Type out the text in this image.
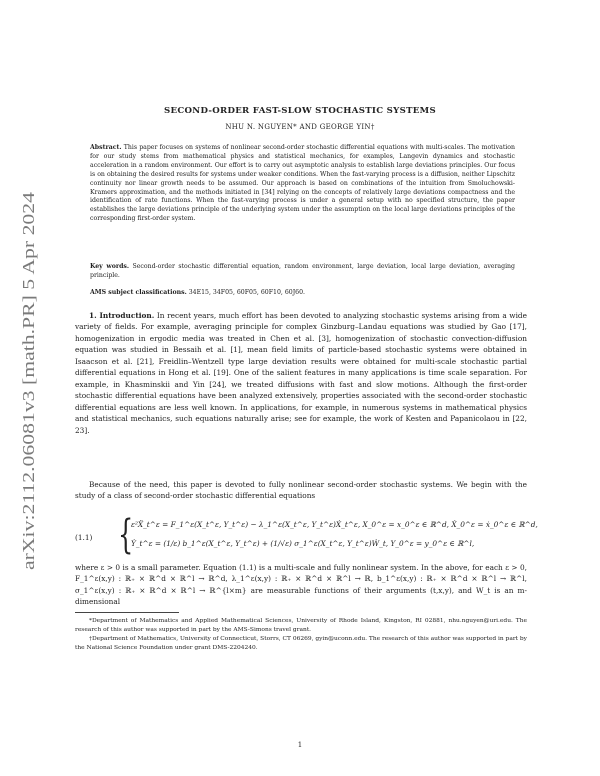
arXiv:2112.06081v3 [math.PR] 5 Apr 2024
SECOND-ORDER FAST-SLOW STOCHASTIC SYSTEMS
NHU N. NGUYEN* AND GEORGE YIN†
Abstract. This paper focuses on systems of nonlinear second-order stochastic differential equations with multi-scales. The motivation for our study stems from mathematical physics and statistical mechanics, for examples, Langevin dynamics and stochastic acceleration in a random environment. Our effort is to carry out asymptotic analysis to establish large deviations principles. Our focus is on obtaining the desired results for systems under weaker conditions. When the fast-varying process is a diffusion, neither Lipschitz continuity nor linear growth needs to be assumed. Our approach is based on combinations of the intuition from Smoluchowski-Kramers approximation, and the methods initiated in [34] relying on the concepts of relatively large deviations compactness and the identification of rate functions. When the fast-varying process is under a general setup with no specified structure, the paper establishes the large deviations principle of the underlying system under the assumption on the local large deviations principles of the corresponding first-order system.
Key words. Second-order stochastic differential equation, random environment, large deviation, local large deviation, averaging principle.
AMS subject classifications. 34E15, 34F05, 60F05, 60F10, 60J60.
1. Introduction. In recent years, much effort has been devoted to analyzing stochastic systems arising from a wide variety of fields. For example, averaging principle for complex Ginzburg–Landau equations was studied by Gao [17], homogenization in ergodic media was treated in Chen et al. [3], homogenization of stochastic convection-diffusion equation was studied in Bessaih et al. [1], mean field limits of particle-based stochastic systems were obtained in Isaacson et al. [21], Freidlin–Wentzell type large deviation results were obtained for multi-scale stochastic partial differential equations in Hong et al. [19]. One of the salient features in many applications is time scale separation. For example, in Khasminskii and Yin [24], we treated diffusions with fast and slow motions. Although the first-order stochastic differential equations have been analyzed extensively, properties associated with the second-order stochastic differential equations are less well known. In applications, for example, in numerous systems in mathematical physics and statistical mechanics, such equations naturally arise; see for example, the work of Kesten and Papanicolaou in [22, 23].
Because of the need, this paper is devoted to fully nonlinear second-order stochastic systems. We begin with the study of a class of second-order stochastic differential equations
(1.1) {
ε²Ẍ_t^ε = F_1^ε(X_t^ε, Y_t^ε) − λ_1^ε(X_t^ε, Y_t^ε)Ẋ_t^ε, X_0^ε = x_0^ε ∈ ℝ^d, Ẋ_0^ε = ẋ_0^ε ∈ ℝ^d,
Ẏ_t^ε = (1/ε) b_1^ε(X_t^ε, Y_t^ε) + (1/√ε) σ_1^ε(X_t^ε, Y_t^ε)Ẇ_t, Y_0^ε = y_0^ε ∈ ℝ^l,
where ε > 0 is a small parameter. Equation (1.1) is a multi-scale and fully nonlinear system. In the above, for each ε > 0, F_1^ε(x,y) : ℝ₊ × ℝ^d × ℝ^l → ℝ^d, λ_1^ε(x,y) : ℝ₊ × ℝ^d × ℝ^l → ℝ, b_1^ε(x,y) : ℝ₊ × ℝ^d × ℝ^l → ℝ^l, σ_1^ε(x,y) : ℝ₊ × ℝ^d × ℝ^l → ℝ^{l×m} are measurable functions of their arguments (t,x,y), and W_t is an m-dimensional

*Department of Mathematics and Applied Mathematical Sciences, University of Rhode Island, Kingston, RI 02881, nhu.nguyen@uri.edu. The research of this author was supported in part by the AMS-Simons travel grant.

†Department of Mathematics, University of Connecticut, Storrs, CT 06269, gyin@uconn.edu. The research of this author was supported in part by the National Science Foundation under grant DMS-2204240.

1
